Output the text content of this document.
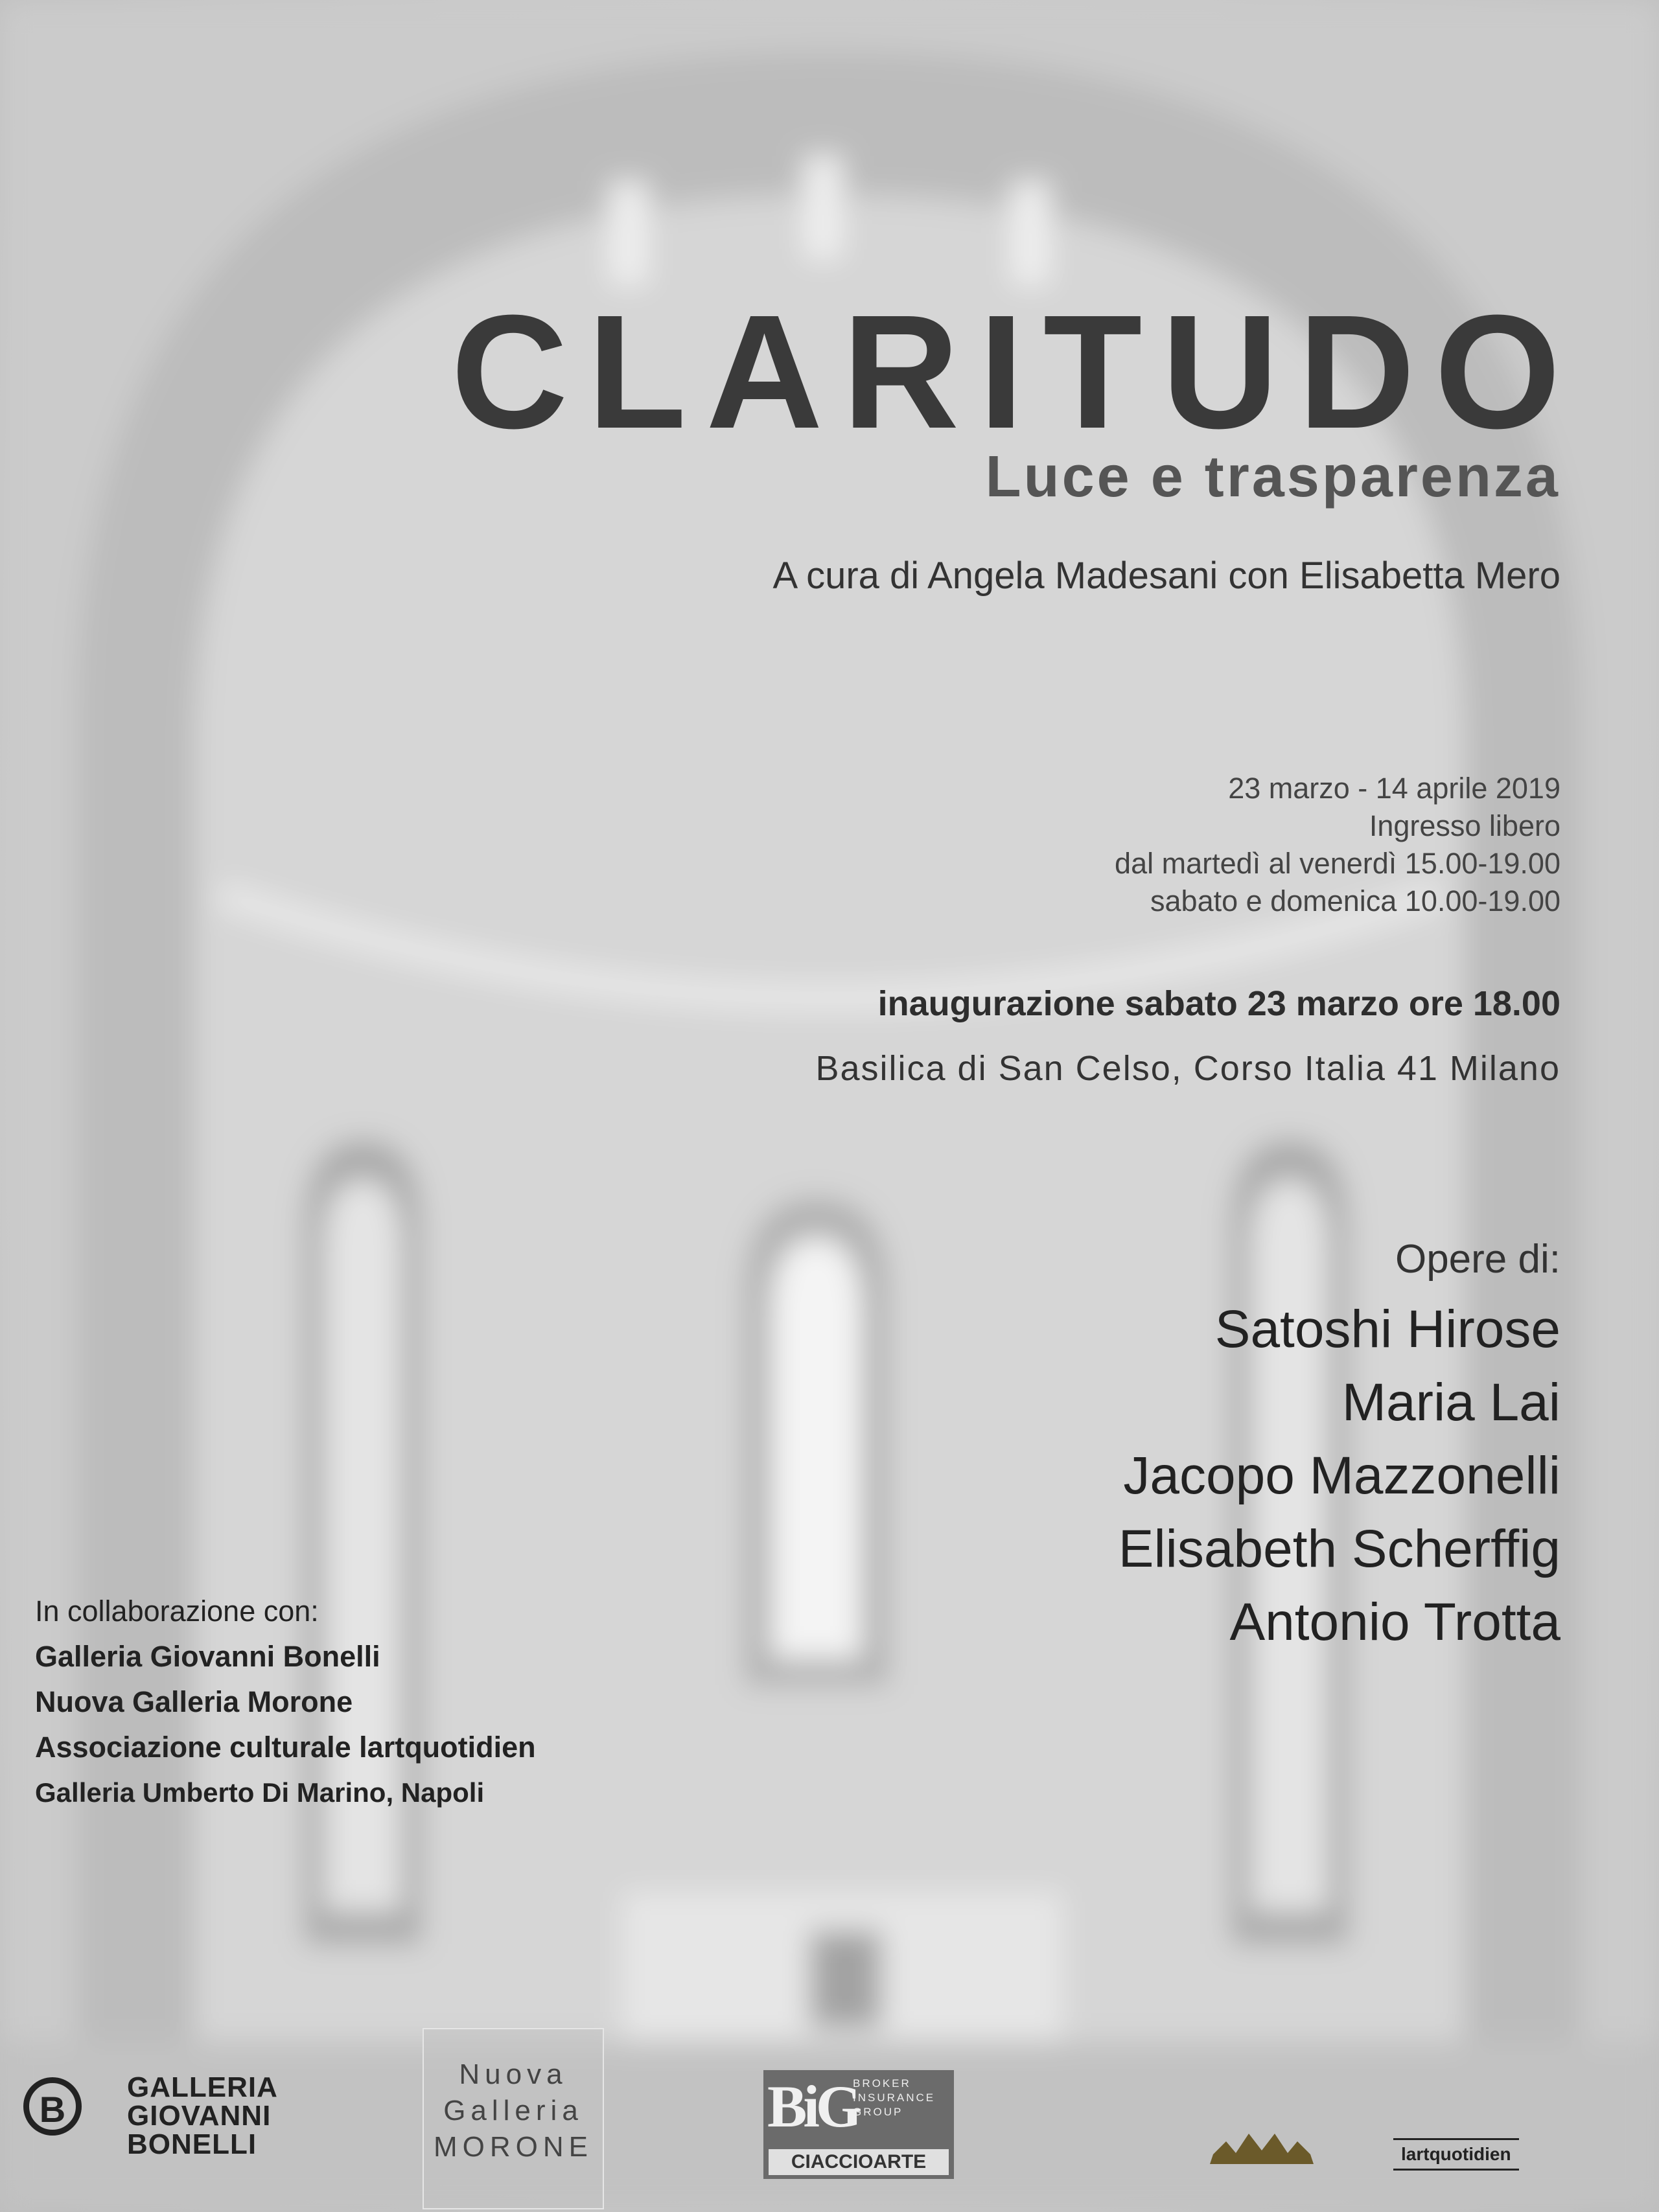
CLARITUDO
Luce e trasparenza
A cura di Angela Madesani con Elisabetta Mero
23 marzo - 14 aprile 2019
Ingresso libero
dal martedì al venerdì 15.00-19.00
sabato e domenica 10.00-19.00
inaugurazione sabato 23 marzo ore 18.00
Basilica di San Celso, Corso Italia 41 Milano
Opere di:
Satoshi Hirose
Maria Lai
Jacopo Mazzonelli
Elisabeth Scherffig
Antonio Trotta
In collaborazione con:
Galleria Giovanni Bonelli
Nuova Galleria Morone
Associazione culturale lartquotidien
Galleria Umberto Di Marino, Napoli
B
GALLERIA
GIOVANNI
BONELLI
Nuova
Galleria
MORONE
BiG
BROKER
INSURANCE
GROUP
CIACCIOARTE	lartquotidien
